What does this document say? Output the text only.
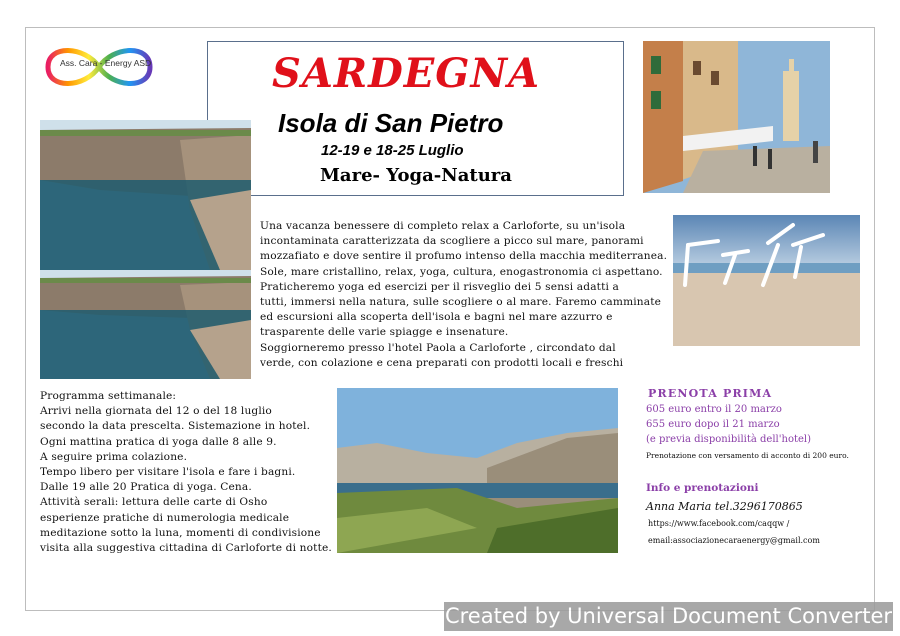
Ass. Cara - Energy ASD	SARDEGNA
Isola di San Pietro
12-19 e 18-25 Luglio
Mare- Yoga-Natura
Una vacanza benessere di completo relax a Carloforte, su un'isola
incontaminata caratterizzata da scogliere a picco sul mare, panorami
mozzafiato e dove sentire il profumo intenso della macchia mediterranea.
Sole, mare cristallino, relax, yoga, cultura, enogastronomia ci aspettano.
Praticheremo yoga ed esercizi per il risveglio dei 5 sensi adatti a
tutti, immersi nella natura, sulle scogliere o al mare. Faremo camminate
ed escursioni alla scoperta dell'isola e bagni nel mare azzurro e
trasparente delle varie spiagge e insenature.
Soggiorneremo presso l'hotel Paola a Carloforte , circondato dal
verde, con colazione e cena preparati con prodotti locali e freschi
Programma settimanale:
Arrivi nella giornata del 12 o del 18 luglio
secondo la data prescelta. Sistemazione in hotel.
Ogni mattina pratica di yoga dalle 8 alle 9.
A seguire prima colazione.
Tempo libero per visitare l'isola e fare i bagni.
Dalle 19 alle 20 Pratica di yoga. Cena.
Attività serali: lettura delle carte di Osho
esperienze pratiche di numerologia medicale
meditazione sotto la luna, momenti di condivisione
visita alla suggestiva cittadina di Carloforte di notte.
PRENOTA PRIMA
605 euro entro il 20 marzo
655 euro dopo il 21 marzo
(e previa disponibilità dell'hotel)
Prenotazione con versamento di acconto di 200 euro.
Info e prenotazioni
Anna Maria tel.3296170865
https://www.facebook.com/caqqw /
email:associazionecaraenergy@gmail.com
Created by Universal Document Converter
